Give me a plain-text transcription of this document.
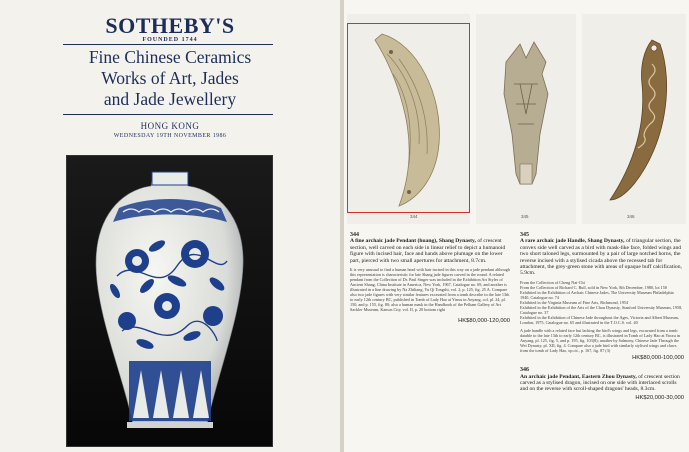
SOTHEBY'S
FOUNDED 1744
Fine Chinese Ceramics
Works of Art, Jades
and Jade Jewellery
HONG KONG
WEDNESDAY 19TH NOVEMBER 1986
344	345	346
344
A fine archaic jade Pendant (huang), Shang Dynasty, of crescent section, well carved on each side in linear relief to depict a humanoid figure with incised hair, face and hands above plumage on the lower part, pierced with two small apertures for attachment, 8.7cm.
It is very unusual to find a human head with hair incised in this way on a jade pendant although this representation is characteristic for late Shang jade figures carved in the round. A related pendant from the Collection of Dr. Paul Singer was included in the Exhibition Art Styles of Ancient Shang, China Institute in America, New York, 1967, Catalogue no. 69, and another is illustrated in a line drawing by Na Zhiliang, Yu Qi Tongshi, vol. 2, p. 125, fig. 25 A. Compare also two jade figures with very similar features excavated from a tomb describe in the late 13th to early 12th century BC, published in Tomb of Lady Hao at Yinxu in Anyang, col. pl. 24, pl. 150, and p. 155, fig. 80; also a human mask in the Handbook of the Pelham Gallery of Art Sackler Museum, Kansas City, vol. II, p. 20 bottom right
HK$80,000-120,000
345
A rare archaic jade Handle, Shang Dynasty, of triangular section, the convex side well carved as a bird with mask-like face, folded wings and two short taloned legs, surmounted by a pair of large notched horns, the reverse incised with a stylised cicada above the recessed tab for attachment, the grey-green stone with areas of opaque buff calcification, 5.9cm.
From the Collection of Cheng Nai-Chi
From the Collection of Richard C. Bull, sold in New York, 8th December, 1980, lot 150
Exhibited in the Exhibition of Archaic Chinese Jades, The University Museum Philadelphia 1940, Catalogue no. 74
Exhibited in the Virginia Museum of Fine Arts, Richmond, 1954
Exhibited in the Exhibition of the Arts of the Chou Dynasty, Stanford University Museum, 1958, Catalogue no. 37
Exhibited in the Exhibition of Chinese Jade throughout the Ages, Victoria and Albert Museum, London, 1975, Catalogue no. 65 and illustrated in the T.O.C.S. vol. 40
A jade handle with a related face but lacking the bird's wings and legs, excavated from a tomb datable to the late 13th to early 12th century BC, is illustrated in Tomb of Lady Hao at Yinxu in Anyang, pl. 125, fig. 5, and p. 195, fig. 103(8); another by Salmony, Chinese Jade Through the Wei Dynasty, pl. XII, fig. 4. Compare also a jade bird with similarly stylised wings and claws from the tomb of Lady Hao, op.cit., p. 167, fig. 87 (3)
HK$80,000-100,000
346
An archaic jade Pendant, Eastern Zhou Dynasty, of crescent section carved as a stylised dragon, incised on one side with interlaced scrolls and on the reverse with scroll-shaped dragons' heads, 8.3cm.
HK$20,000-30,000
